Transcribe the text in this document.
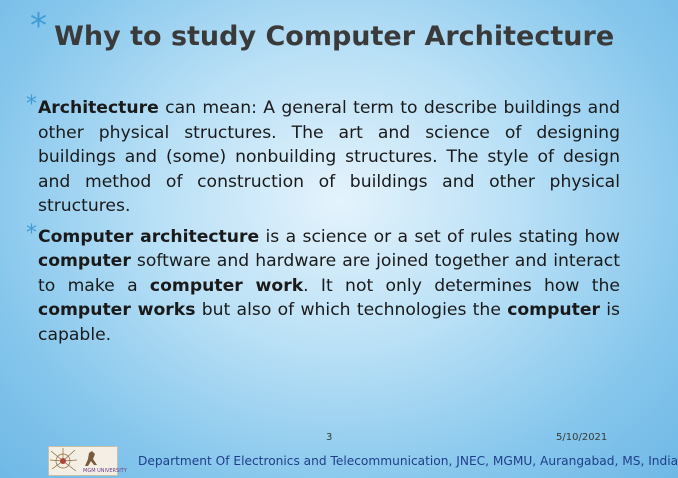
* Why to study Computer Architecture

* Architecture can mean: A general term to describe buildings and other physical structures. The art and science of designing buildings and (some) nonbuilding structures. The style of design and method of construction of buildings and other physical structures.

* Computer architecture is a science or a set of rules stating how computer software and hardware are joined together and interact to make a computer work. It not only determines how the computer works but also of which technologies the computer is capable.

3	5/10/2021
MGM UNIVERSITY
Department Of Electronics and Telecommunication, JNEC, MGMU, Aurangabad, MS, India
